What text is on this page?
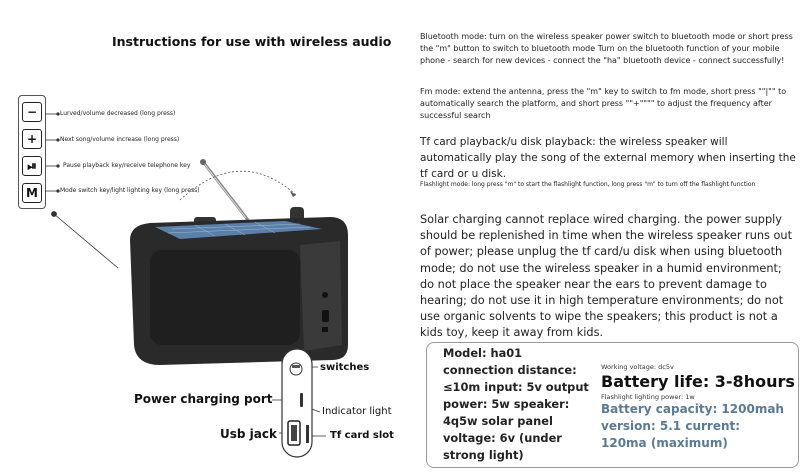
Instructions for use with wireless audio
−
+
⏯
M
Lurved/volume decreased (long press)
Next song/volume increase (long press)
Pause playback key/receive telephone key
Mode switch key/light lighting key (long press)
Bluetooth mode: turn on the wireless speaker power switch to bluetooth mode or short press the "m" button to switch to bluetooth mode Turn on the bluetooth function of your mobile phone - search for new devices - connect the "ha" bluetooth device - connect successfully!
Fm mode: extend the antenna, press the "m" key to switch to fm mode, short press ""|"" to automatically search the platform, and short press ""+"""" to adjust the frequency after successful search
Tf card playback/u disk playback: the wireless speaker will automatically play the song of the external memory when inserting the tf card or u disk.
Flashlight mode: long press "m" to start the flashlight function, long press "m" to turn off the flashlight function
Solar charging cannot replace wired charging. the power supply should be replenished in time when the wireless speaker runs out of power; please unplug the tf card/u disk when using bluetooth mode; do not use the wireless speaker in a humid environment; do not place the speaker near the ears to prevent damage to hearing; do not use it in high temperature environments; do not use organic solvents to wipe the speakers; this product is not a kids toy, keep it away from kids.
switches
Power charging port
Indicator light
Usb jack	Tf card slot
Model: ha01 connection distance: ≤10m input: 5v output power: 5w speaker: 4q5w solar panel voltage: 6v (under strong light)
Working voltage: dc5v
Battery life: 3-8hours
Flashlight lighting power: 1w
Battery capacity: 1200mah version: 5.1 current: 120ma (maximum)
